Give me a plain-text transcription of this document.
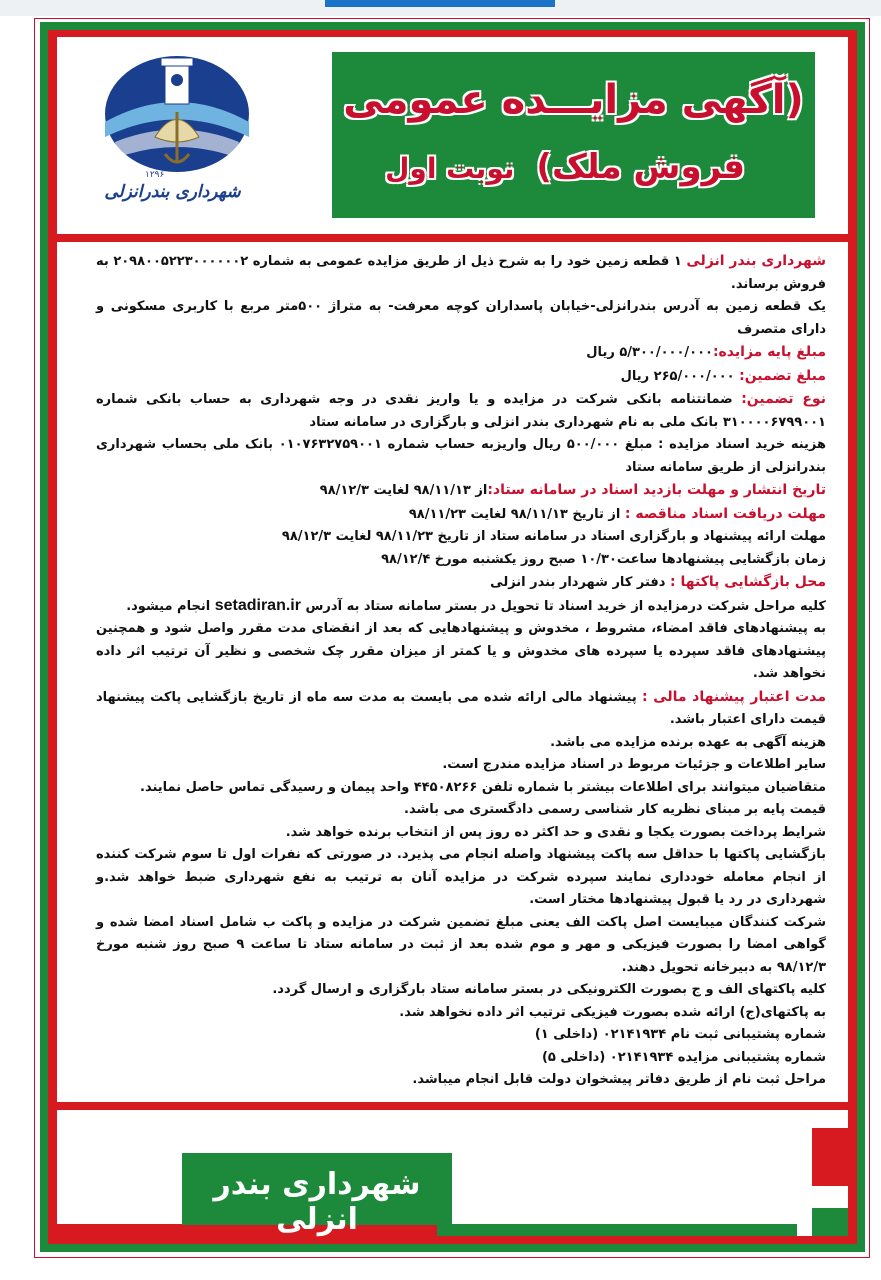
۱۲۹۶
شهرداری بندرانزلی
(آگهی مزایـــده عمومی
فروش ملک)نوبت اول

شهرداری بندر انزلی ۱ قطعه زمین خود را به شرح ذیل از طریق مزایده عمومی به شماره ۲۰۹۸۰۰۵۲۲۳۰۰۰۰۰۰۲ به فروش برساند.

یک قطعه زمین به آدرس بندرانزلی-خیابان پاسداران کوچه معرفت- به متراژ ۵۰۰متر مربع با کاربری مسکونی و دارای متصرف

مبلغ پایه مزایده:۵/۳۰۰/۰۰۰/۰۰۰ ریال

مبلغ تضمین: ۲۶۵/۰۰۰/۰۰۰ ریال

نوع تضمین: ضمانتنامه بانکی شرکت در مزایده و یا واریز نقدی در وجه شهرداری به حساب بانکی شماره ۳۱۰۰۰۰۶۷۹۹۰۰۱ بانک ملی به نام شهرداری بندر انزلی و بارگزاری در سامانه ستاد

هزینه خرید اسناد مزایده : مبلغ ۵۰۰/۰۰۰ ریال واریزبه حساب شماره ۰۱۰۷۶۳۲۷۵۹۰۰۱ بانک ملی بحساب شهرداری بندرانزلی از طریق سامانه ستاد

تاریخ انتشار و مهلت بازدید اسناد در سامانه ستاد:از ۹۸/۱۱/۱۳ لغایت ۹۸/۱۲/۳

مهلت دریافت اسناد مناقصه : از تاریخ ۹۸/۱۱/۱۳ لغایت ۹۸/۱۱/۲۳

مهلت ارائه پیشنهاد و بارگزاری اسناد در سامانه ستاد از تاریخ ۹۸/۱۱/۲۳ لغایت ۹۸/۱۲/۳

زمان بازگشایی پیشنهادها ساعت۱۰/۳۰ صبح روز یکشنبه مورخ ۹۸/۱۲/۴

محل بازگشایی پاکتها : دفتر کار شهردار بندر انزلی

کلیه مراحل شرکت درمزایده از خرید اسناد تا تحویل در بستر سامانه ستاد به آدرس setadiran.ir انجام میشود.

به پیشنهادهای فاقد امضاء، مشروط ، مخدوش و پیشنهادهایی که بعد از انقضای مدت مقرر واصل شود و همچنین پیشنهادهای فاقد سپرده یا سپرده های مخدوش و یا کمتر از میزان مقرر چک شخصی و نظیر آن ترتیب اثر داده نخواهد شد.

مدت اعتبار پیشنهاد مالی : پیشنهاد مالی ارائه شده می بایست به مدت سه ماه از تاریخ بازگشایی پاکت پیشنهاد قیمت دارای اعتبار باشد.

هزینه آگهی به عهده برنده مزایده می باشد.

سایر اطلاعات و جزئیات مربوط در اسناد مزایده مندرج است.

متقاضیان میتوانند برای اطلاعات بیشتر با شماره تلفن ۴۴۵۰۸۲۶۶ واحد پیمان و رسیدگی تماس حاصل نمایند.

قیمت پایه بر مبنای نظریه کار شناسی رسمی دادگستری می باشد.

شرایط پرداخت بصورت یکجا و نقدی و حد اکثر ده روز پس از انتخاب برنده خواهد شد.

بازگشایی پاکتها با حداقل سه پاکت پیشنهاد واصله انجام می پذیرد. در صورتی که نفرات اول تا سوم شرکت کننده از انجام معامله خودداری نمایند سپرده شرکت در مزایده آنان به ترتیب به نفع شهرداری ضبط خواهد شد.و شهرداری در رد یا قبول پیشنهادها مختار است.

شرکت کنندگان میبایست اصل پاکت الف یعنی مبلغ تضمین شرکت در مزایده و پاکت ب شامل اسناد امضا شده و گواهی امضا را بصورت فیزیکی و مهر و موم شده بعد از ثبت در سامانه ستاد تا ساعت ۹ صبح روز شنبه مورخ ۹۸/۱۲/۳ به دبیرخانه تحویل دهند.

کلیه پاکتهای الف و ج بصورت الکترونیکی در بستر سامانه ستاد بارگزاری و ارسال گردد.

به پاکتهای(ج) ارائه شده بصورت فیزیکی ترتیب اثر داده نخواهد شد.

شماره پشتیبانی ثبت نام ۰۲۱۴۱۹۳۴ (داخلی ۱)

شماره پشتیبانی مزایده ۰۲۱۴۱۹۳۴ (داخلی ۵)

مراحل ثبت نام از طریق دفاتر پیشخوان دولت قابل انجام میباشد.

شهرداری بندر انزلی
